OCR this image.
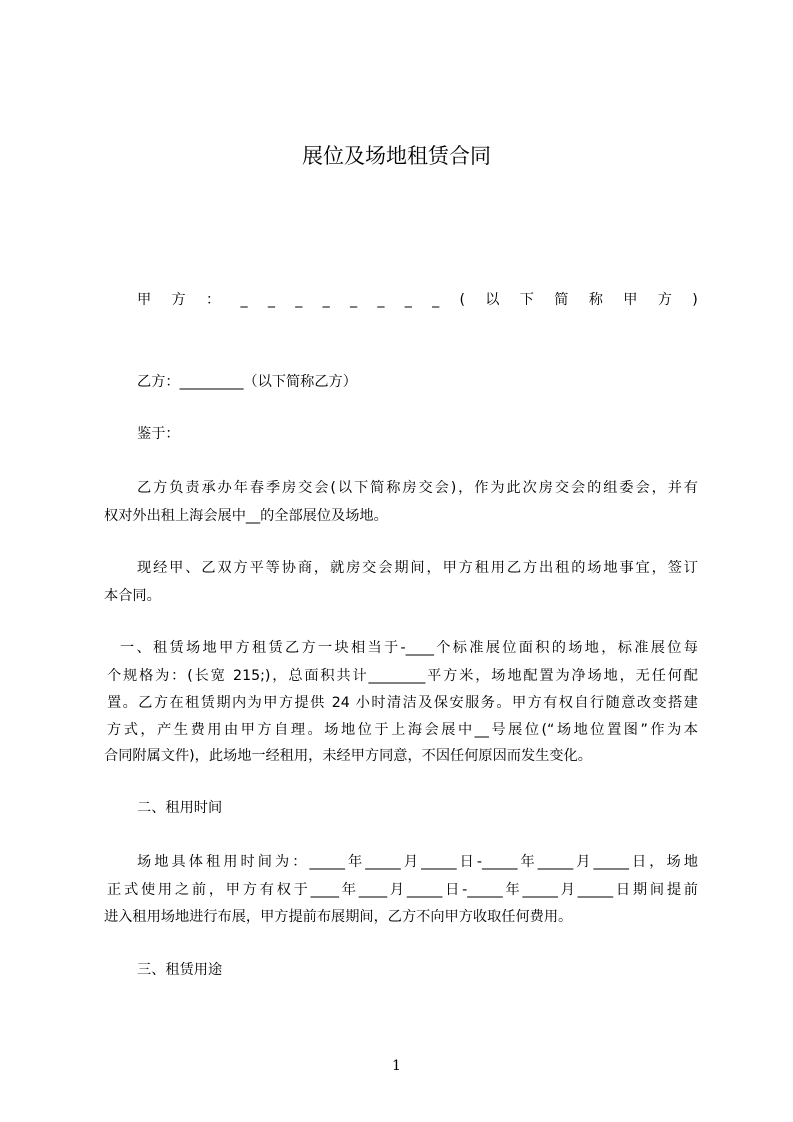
展位及场地租赁合同
甲 方 ： _ _ _ _ _ _ _ _ ( 以 下 简 称 甲 方 )
乙方：_________（以下简称乙方）
鉴于：
乙方负责承办年春季房交会(以下简称房交会)，作为此次房交会的组委会，并有
权对外出租上海会展中__的全部展位及场地。
现经甲、乙双方平等协商，就房交会期间，甲方租用乙方出租的场地事宜，签订
本合同。
一、租赁场地甲方租赁乙方一块相当于-____个标准展位面积的场地，标准展位每
个规格为：(长宽 215;)，总面积共计________平方米，场地配置为净场地，无任何配
置。乙方在租赁期内为甲方提供 24 小时清洁及保安服务。甲方有权自行随意改变搭建
方式，产生费用由甲方自理。场地位于上海会展中__号展位(“场地位置图”作为本
合同附属文件)，此场地一经租用，未经甲方同意，不因任何原因而发生变化。
二、租用时间
场地具体租用时间为：_____年_____月_____日-_____年_____月_____日，场地
正式使用之前，甲方有权于____年____月_____日-_____年_____月_____日期间提前
进入租用场地进行布展，甲方提前布展期间，乙方不向甲方收取任何费用。
三、租赁用途
1
